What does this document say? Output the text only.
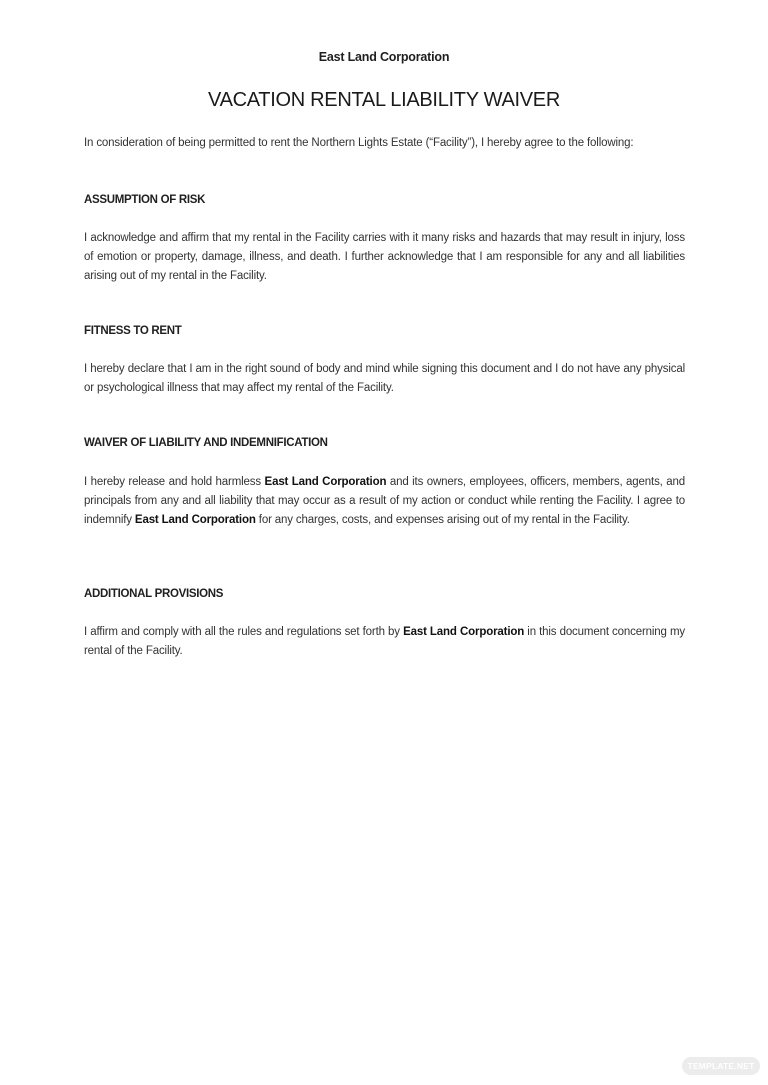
East Land Corporation
VACATION RENTAL LIABILITY WAIVER
In consideration of being permitted to rent the Northern Lights Estate (“Facility”), I hereby agree to the following:
ASSUMPTION OF RISK
I acknowledge and affirm that my rental in the Facility carries with it many risks and hazards that may result in injury, loss of emotion or property, damage, illness, and death. I further acknowledge that I am responsible for any and all liabilities arising out of my rental in the Facility.
FITNESS TO RENT
I hereby declare that I am in the right sound of body and mind while signing this document and I do not have any physical or psychological illness that may affect my rental of the Facility.
WAIVER OF LIABILITY AND INDEMNIFICATION
I hereby release and hold harmless East Land Corporation and its owners, employees, officers, members, agents, and principals from any and all liability that may occur as a result of my action or conduct while renting the Facility. I agree to indemnify East Land Corporation for any charges, costs, and expenses arising out of my rental in the Facility.
ADDITIONAL PROVISIONS
I affirm and comply with all the rules and regulations set forth by East Land Corporation in this document concerning my rental of the Facility.
TEMPLATE.NET
